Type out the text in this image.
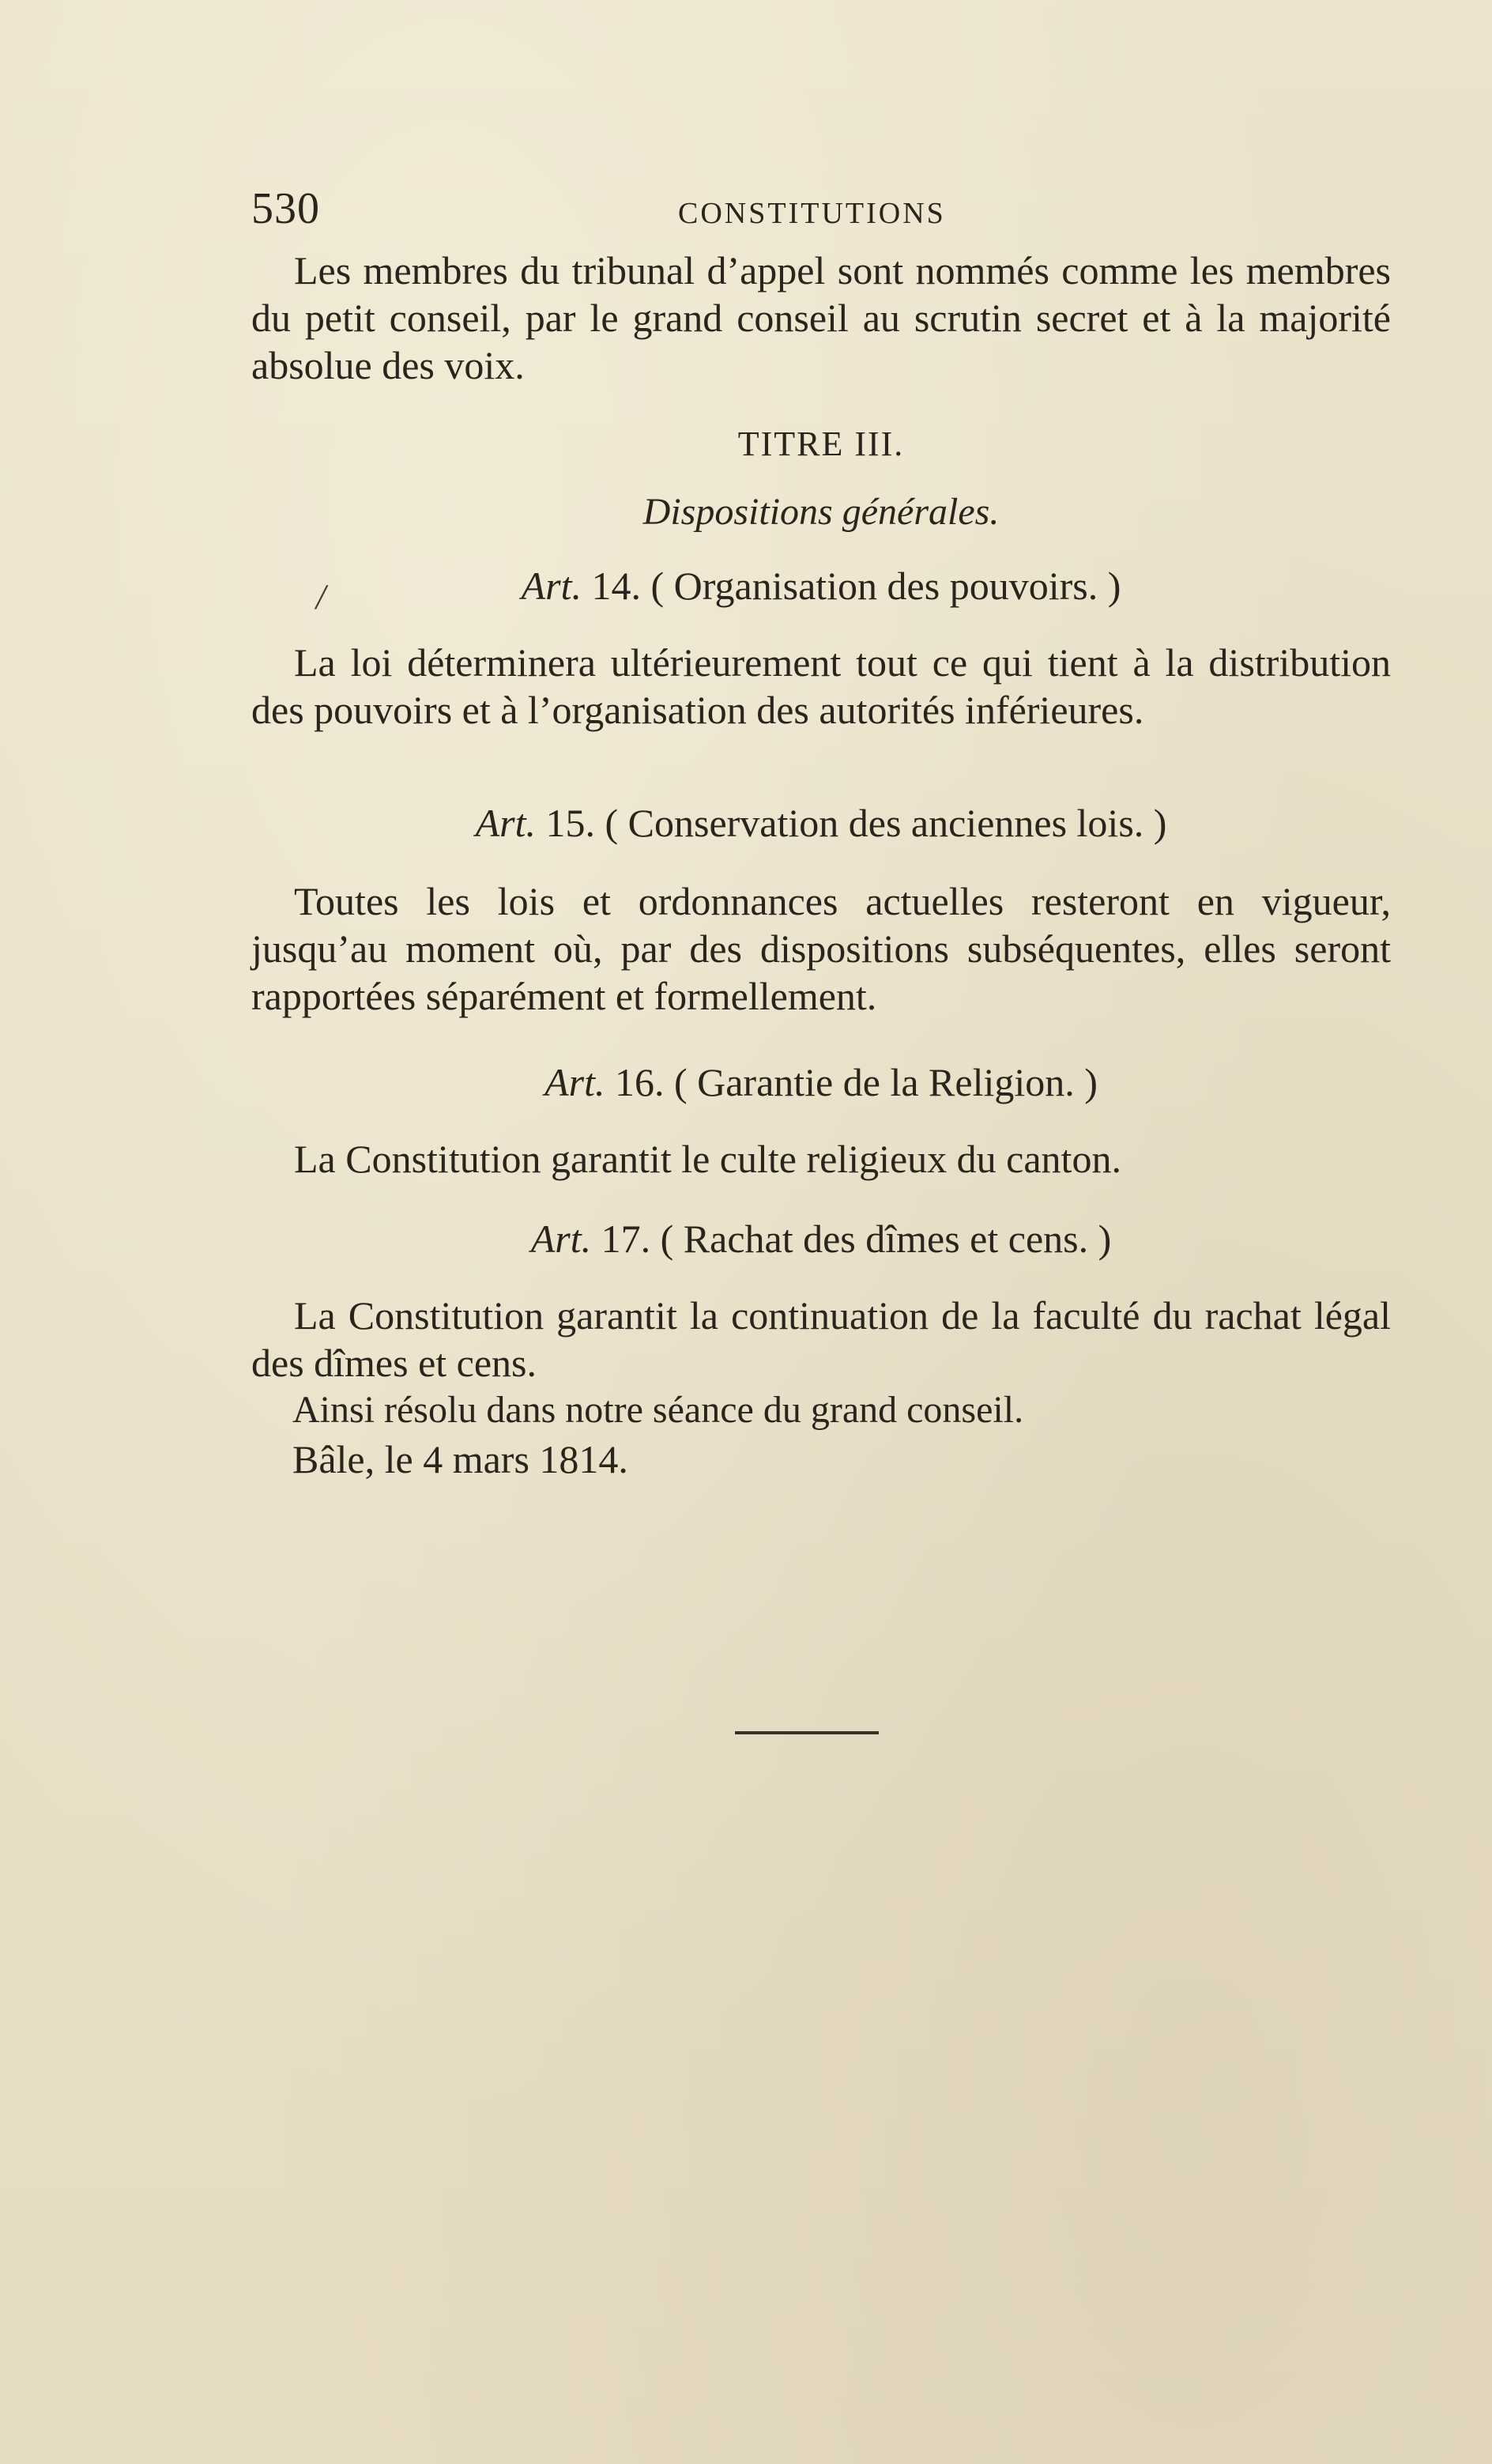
530	CONSTITUTIONS

Les membres du tribunal d’appel sont nommés comme les membres du petit conseil, par le grand conseil au scrutin secret et à la majorité absolue des voix.

TITRE III.
Dispositions générales.
/	Art. 14. ( Organisation des pouvoirs. )

La loi déterminera ultérieurement tout ce qui tient à la distribution des pouvoirs et à l’organisation des autorités inférieures.

Art. 15. ( Conservation des anciennes lois. )

Toutes les lois et ordonnances actuelles resteront en vigueur, jusqu’au moment où, par des dispositions subséquentes, elles seront rapportées séparément et formellement.

Art. 16. ( Garantie de la Religion. )

La Constitution garantit le culte religieux du canton.

Art. 17. ( Rachat des dîmes et cens. )

La Constitution garantit la continuation de la faculté du rachat légal des dîmes et cens.

Ainsi résolu dans notre séance du grand conseil.
Bâle, le 4 mars 1814.
